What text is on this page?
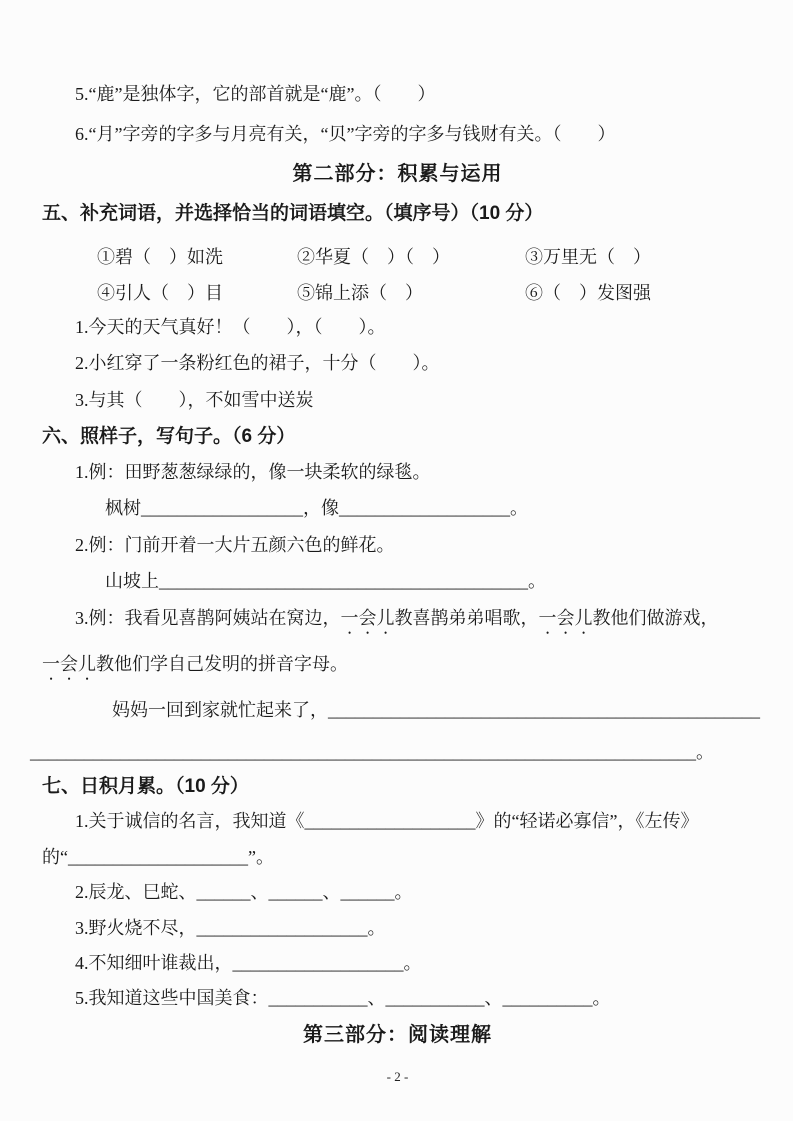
5.“鹿”是独体字，它的部首就是“鹿”。（　　）
6.“月”字旁的字多与月亮有关，“贝”字旁的字多与钱财有关。（　　）
第二部分：积累与运用
五、补充词语，并选择恰当的词语填空。（填序号）（10 分）
①碧（　）如洗	②华夏（　）（　）	③万里无（　）
④引人（　）目	⑤锦上添（　）	⑥（　）发图强
1.今天的天气真好！（　　），（　　）。
2.小红穿了一条粉红色的裙子，十分（　　）。
3.与其（　　），不如雪中送炭
六、照样子，写句子。（6 分）
1.例：田野葱葱绿绿的，像一块柔软的绿毯。
枫树__________________，像___________________。
2.例：门前开着一大片五颜六色的鲜花。
山坡上_________________________________________。
3.例：我看见喜鹊阿姨站在窝边，一会儿教喜鹊弟弟唱歌，一会儿教他们做游戏，
一会儿教他们学自己发明的拼音字母。
妈妈一回到家就忙起来了，________________________________________________
__________________________________________________________________________。
七、日积月累。（10 分）
1.关于诚信的名言，我知道《___________________》的“轻诺必寡信”，《左传》
的“____________________”。
2.辰龙、巳蛇、______、______、______。
3.野火烧不尽，___________________。
4.不知细叶谁裁出，___________________。
5.我知道这些中国美食：___________、___________、__________。
第三部分：阅读理解
- 2 -
